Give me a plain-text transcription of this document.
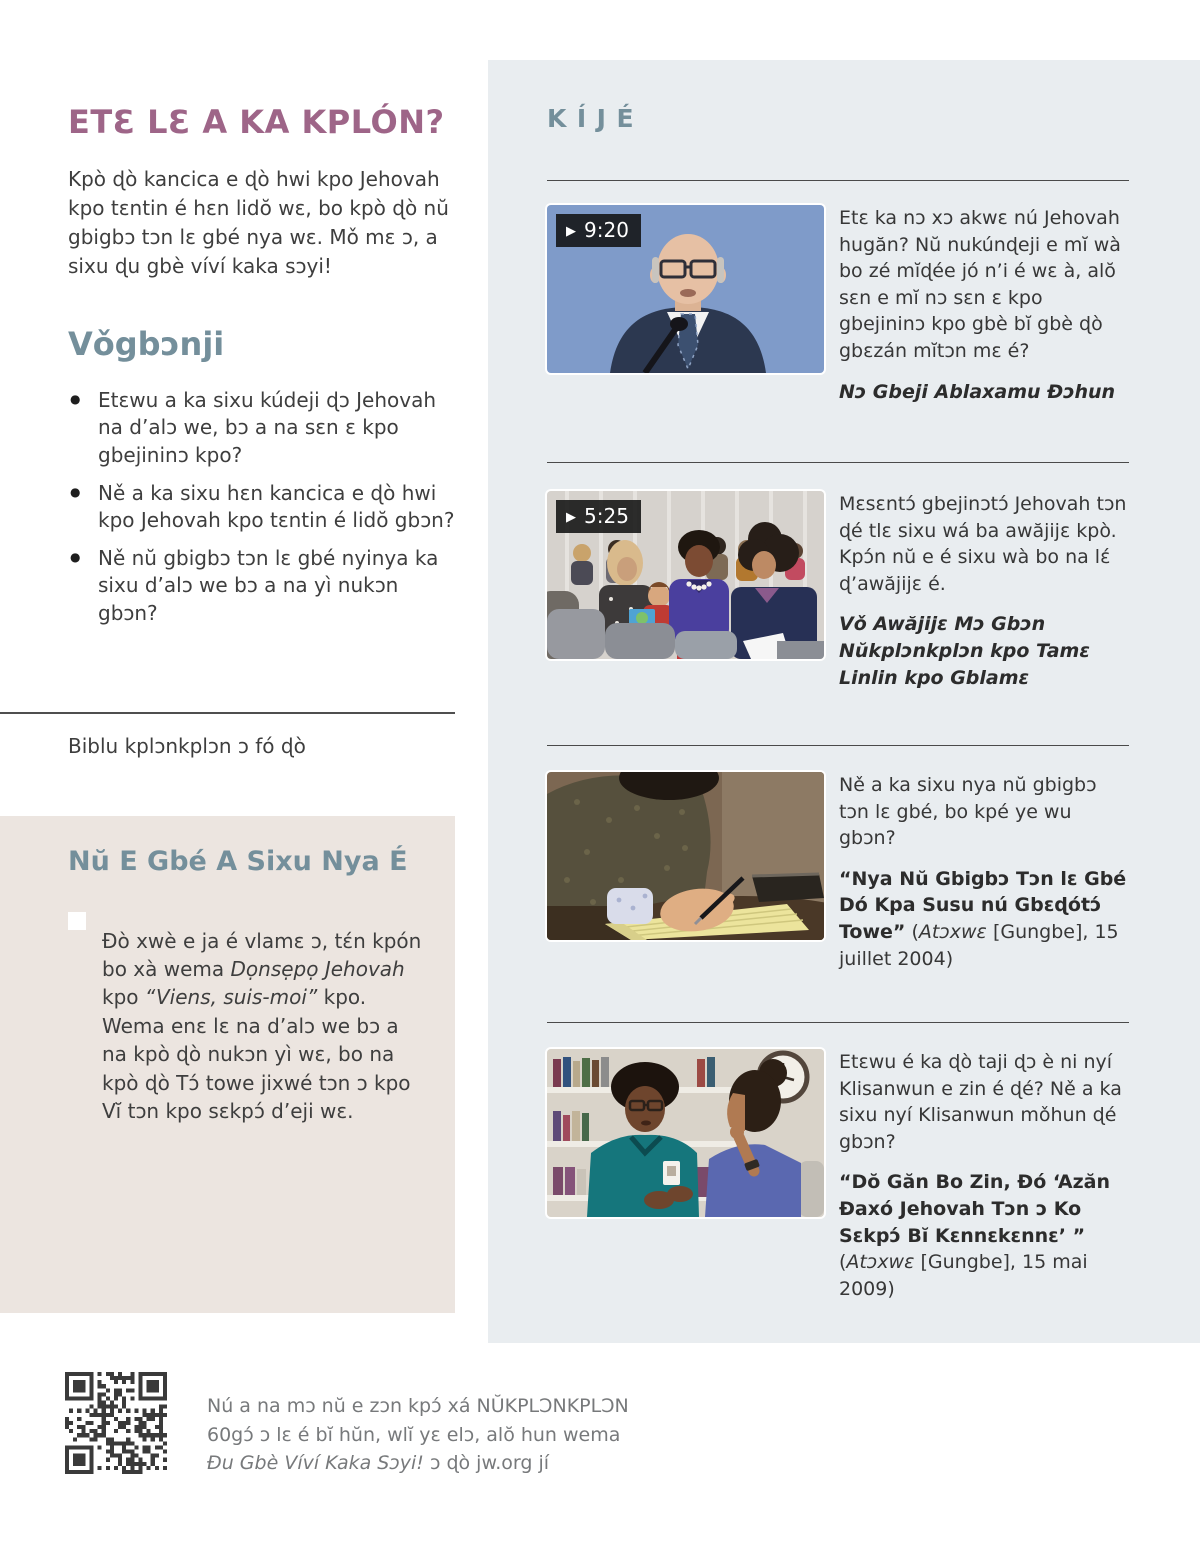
ETƐ LƐ A KA KPLÓN?

Kpò ɖò kancica e ɖò hwi kpo Jehovah kpo tɛntin é hɛn lidŏ wɛ, bo kpò ɖò nŭ gbigbɔ tɔn lɛ gbé nya wɛ. Mǒ mɛ ɔ, a sixu ɖu gbè víví kaka sɔyi!

Vǒgbɔnji
● Etɛwu a ka sixu kúdeji ɖɔ Jehovah na d’alɔ we, bɔ a na sɛn ɛ kpo gbejininɔ kpo?
● Ně a ka sixu hɛn kancica e ɖò hwi kpo Jehovah kpo tɛntin é lidŏ gbɔn?
● Ně nŭ gbigbɔ tɔn lɛ gbé nyinya ka sixu d’alɔ we bɔ a na yì nukɔn gbɔn?

Biblu kplɔnkplɔn ɔ fó ɖò

Nŭ E Gbé A Sixu Nya É

Ðò xwè e ja é vlamɛ ɔ, tɛ́n kpón bo xà wema Dọnsẹpọ Jehovah kpo “Viens, suis-moi” kpo. Wema enɛ lɛ na d’alɔ we bɔ a na kpò ɖò nukɔn yì wɛ, bo na kpò ɖò Tɔ́ towe jixwé tɔn ɔ kpo Vĭ tɔn kpo sɛkpɔ́ d’eji wɛ.

KÍJÉ
▶ 9:20	Etɛ ka nɔ xɔ akwɛ nú Jehovah hugăn? Nŭ nukúnɖeji e mĭ wà bo zé mĭɖée jó n’i é wɛ à, alŏ sɛn e mĭ nɔ sɛn ɛ kpo gbejininɔ kpo gbè bĭ gbè ɖò gbɛzán mĭtɔn mɛ é?

Nɔ Gbeji Ablaxamu Ðɔhun

▶ 5:25	Mɛsɛntɔ́ gbejinɔtɔ́ Jehovah tɔn ɖé tlɛ sixu wá ba awăjijɛ kpò. Kpɔ́n nŭ e é sixu wà bo na lɛ́ ɖ’awăjijɛ é.

Vǒ Awăjijɛ Mɔ Gbɔn Nŭkplɔnkplɔn kpo Tamɛ Linlin kpo Gblamɛ

Ně a ka sixu nya nŭ gbigbɔ tɔn lɛ gbé, bo kpé ye wu gbɔn?

“Nya Nŭ Gbigbɔ Tɔn lɛ Gbé Dó Kpa Susu nú Gbɛɖótɔ́ Towe” (Atɔxwɛ [Gungbe], 15 juillet 2004)

Etɛwu é ka ɖò taji ɖɔ è ni nyí Klisanwun e zin é ɖé? Ně a ka sixu nyí Klisanwun mǒhun ɖé gbɔn?

“Dŏ Găn Bo Zin, Ðó ‘Azăn Ðaxó Jehovah Tɔn ɔ Ko Sɛkpɔ́ Bĭ Kɛnnɛkɛnnɛ’ ” (Atɔxwɛ [Gungbe], 15 mai 2009)

Nú a na mɔ nŭ e zɔn kpɔ́ xá NŬKPLƆNKPLƆN
60gɔ́ ɔ lɛ é bĭ hŭn, wlĭ yɛ elɔ, alŏ hun wema
Ðu Gbè Víví Kaka Sɔyi! ɔ ɖò jw.org jí
